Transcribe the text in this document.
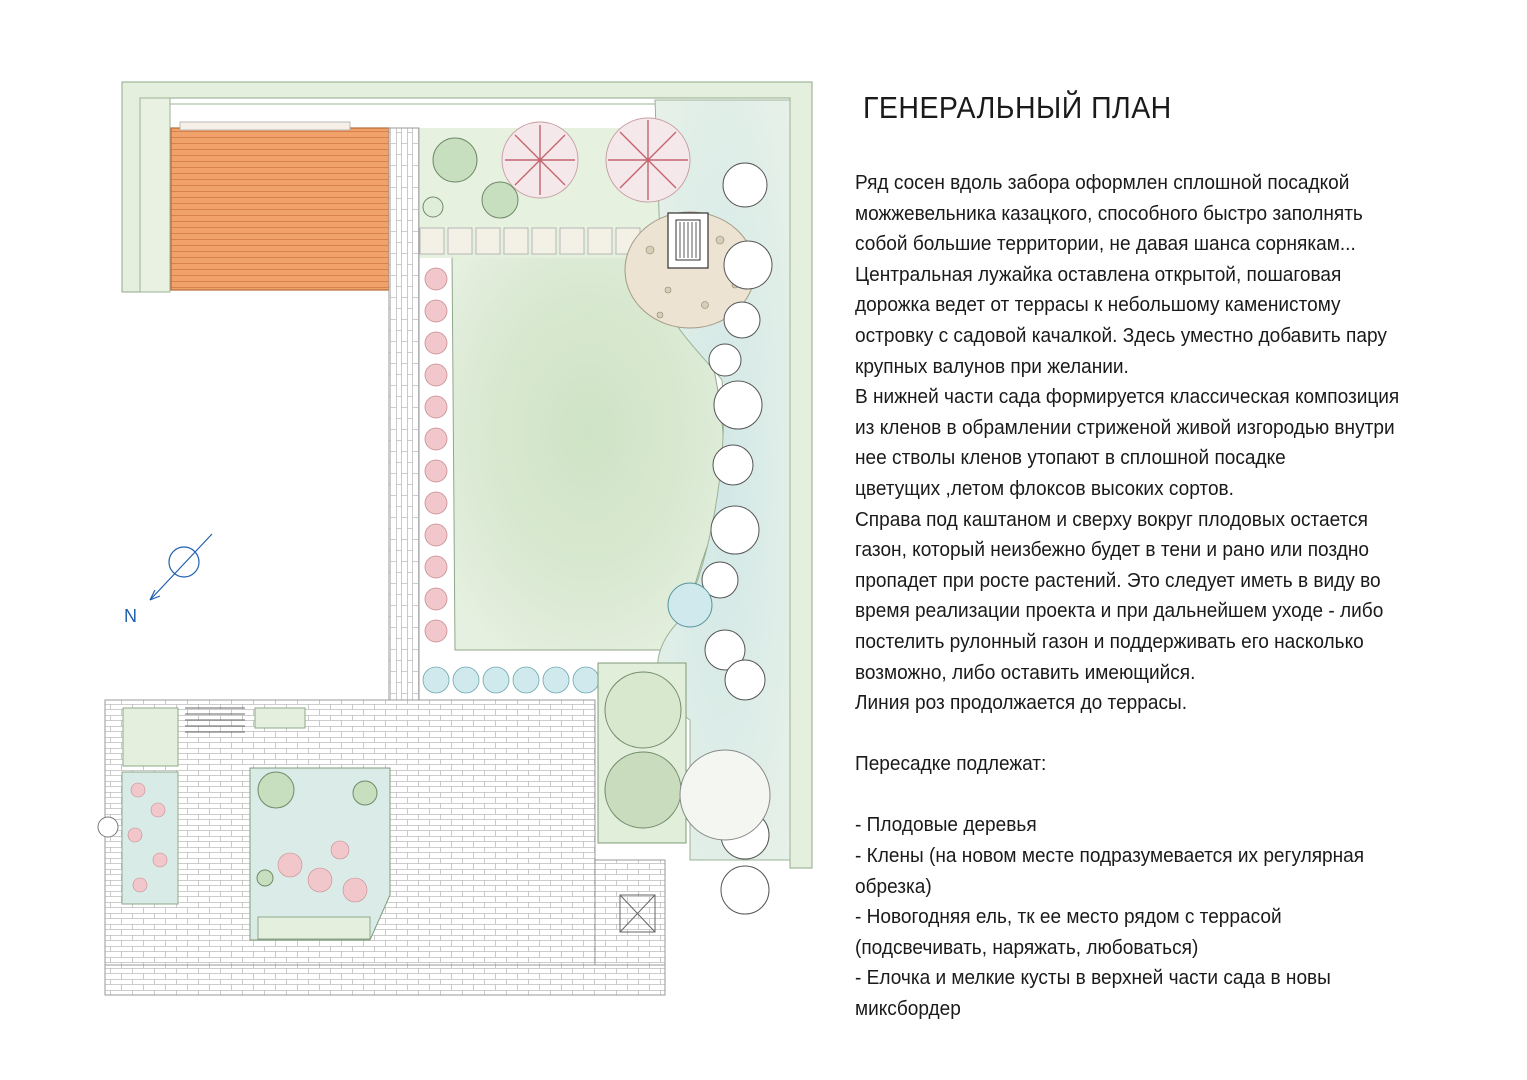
N
ГЕНЕРАЛЬНЫЙ ПЛАН
Ряд сосен вдоль забора оформлен сплошной посадкой
можжевельника казацкого, способного быстро заполнять
собой большие территории, не давая шанса сорнякам...
Центральная лужайка оставлена открытой, пошаговая
дорожка ведет от террасы к небольшому каменистому
островку с садовой качалкой. Здесь уместно добавить пару
крупных валунов при желании.
В нижней части сада формируется классическая композиция
из кленов в обрамлении стриженой живой изгородью внутри
нее стволы кленов утопают в сплошной посадке
цветущих ,летом флоксов высоких сортов.
Справа под каштаном и сверху вокруг плодовых остается
газон, который неизбежно будет в тени и рано или поздно
пропадет при росте растений. Это следует иметь в виду во
время реализации проекта и при дальнейшем уходе - либо
постелить рулонный газон и поддерживать его насколько
возможно, либо оставить имеющийся.
Линия роз продолжается до террасы.
Пересадке подлежат:
- Плодовые деревья
- Клены (на новом месте подразумевается их регулярная
обрезка)
- Новогодняя ель, тк ее место рядом с террасой
(подсвечивать, наряжать, любоваться)
- Елочка и мелкие кусты в верхней части сада в новы
миксбордер
